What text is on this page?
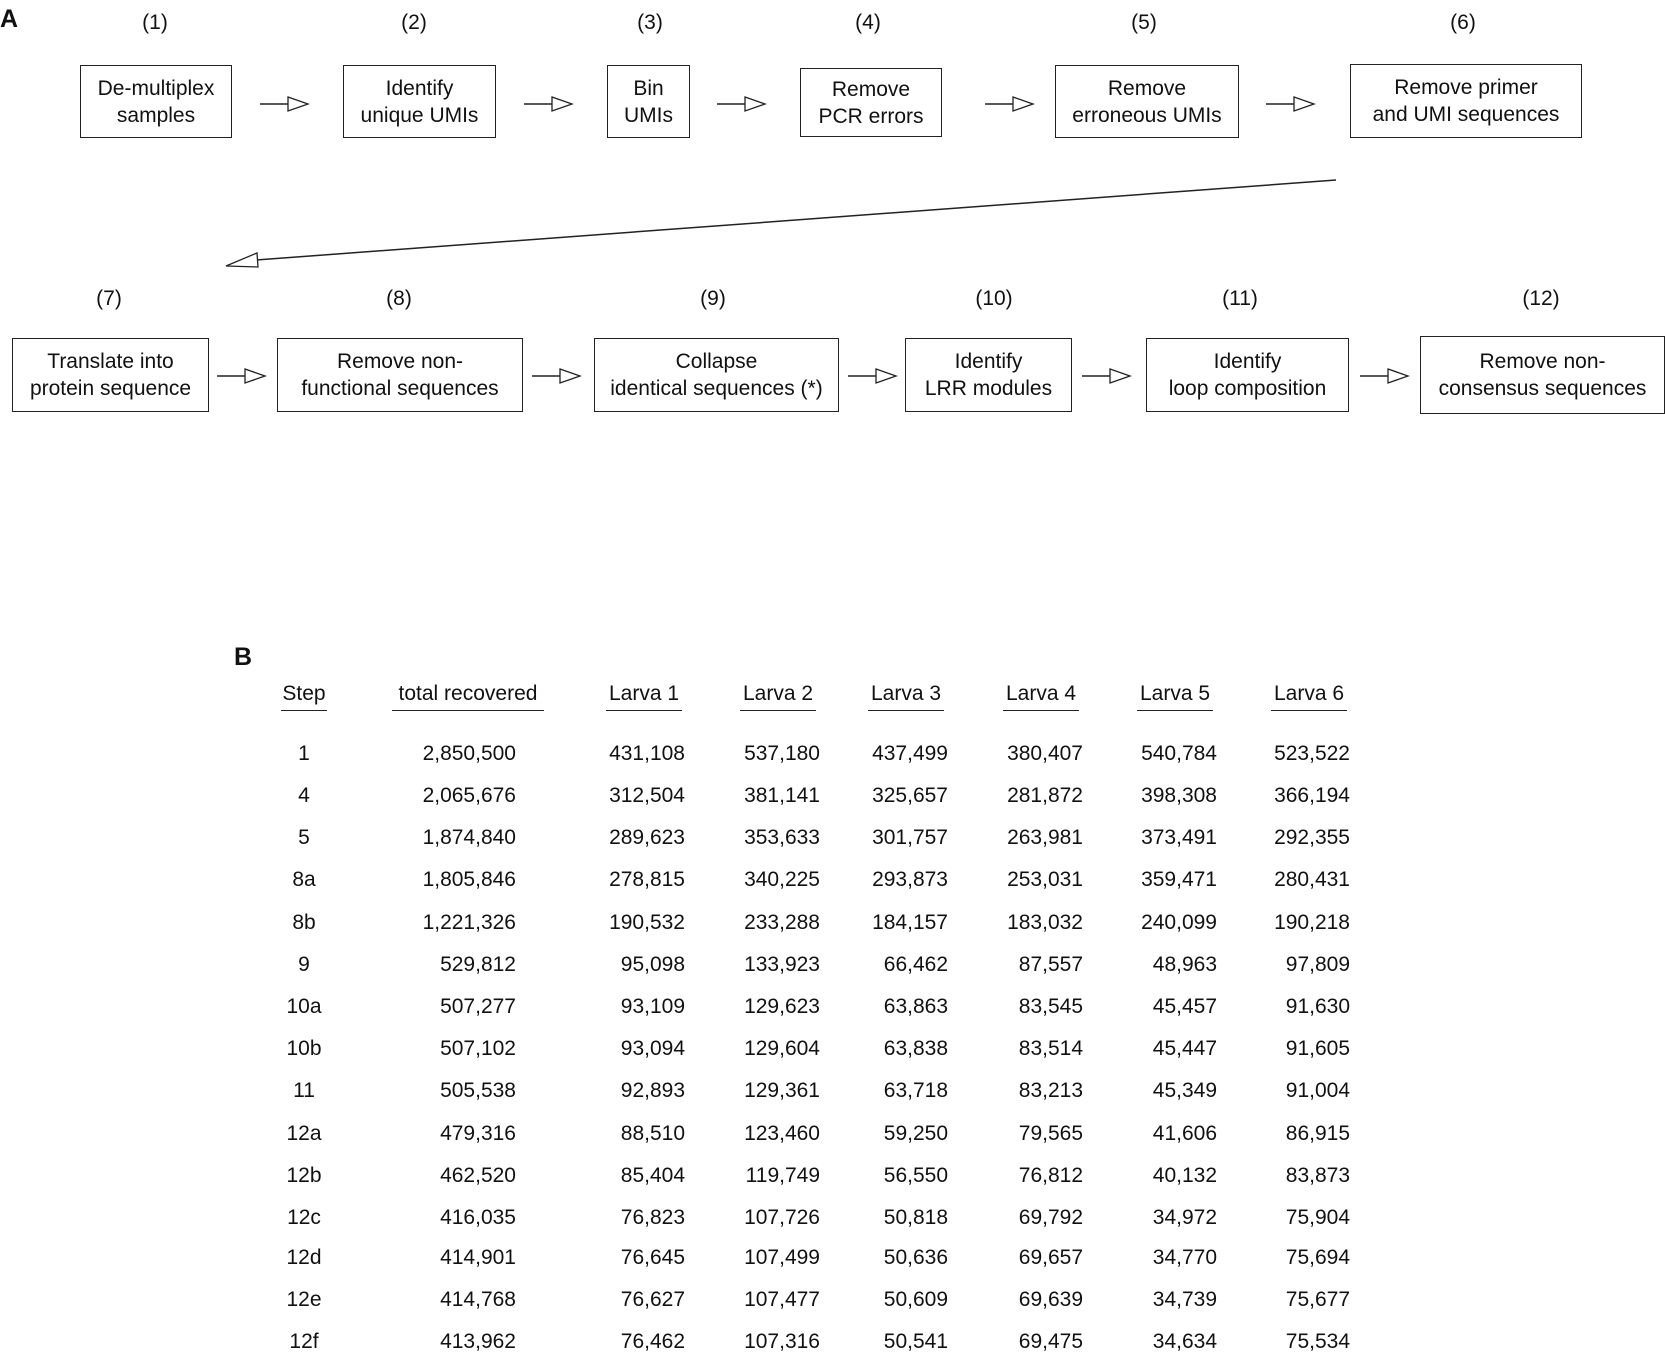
A	(1)	(2)	(3)	(4)	(5)	(6)
De-multiplex
samples
Identify
unique UMIs
Bin
UMIs
Remove
PCR errors
Remove
erroneous UMIs
Remove primer
and UMI sequences
(7)	(8)	(9)	(10)	(11)	(12)
Translate into
protein sequence
Remove non-
functional sequences
Collapse
identical sequences (*)
Identify
LRR modules
Identify
loop composition
Remove non-
consensus sequences
B
Step	total recovered	Larva 1	Larva 2	Larva 3	Larva 4	Larva 5	Larva 6
1	2,850,500	431,108	537,180	437,499	380,407	540,784	523,522
4	2,065,676	312,504	381,141	325,657	281,872	398,308	366,194
5	1,874,840	289,623	353,633	301,757	263,981	373,491	292,355
8a	1,805,846	278,815	340,225	293,873	253,031	359,471	280,431
8b	1,221,326	190,532	233,288	184,157	183,032	240,099	190,218
9	529,812	95,098	133,923	66,462	87,557	48,963	97,809
10a	507,277	93,109	129,623	63,863	83,545	45,457	91,630
10b	507,102	93,094	129,604	63,838	83,514	45,447	91,605
11	505,538	92,893	129,361	63,718	83,213	45,349	91,004
12a	479,316	88,510	123,460	59,250	79,565	41,606	86,915
12b	462,520	85,404	119,749	56,550	76,812	40,132	83,873
12c	416,035	76,823	107,726	50,818	69,792	34,972	75,904
12d	414,901	76,645	107,499	50,636	69,657	34,770	75,694
12e	414,768	76,627	107,477	50,609	69,639	34,739	75,677
12f	413,962	76,462	107,316	50,541	69,475	34,634	75,534
